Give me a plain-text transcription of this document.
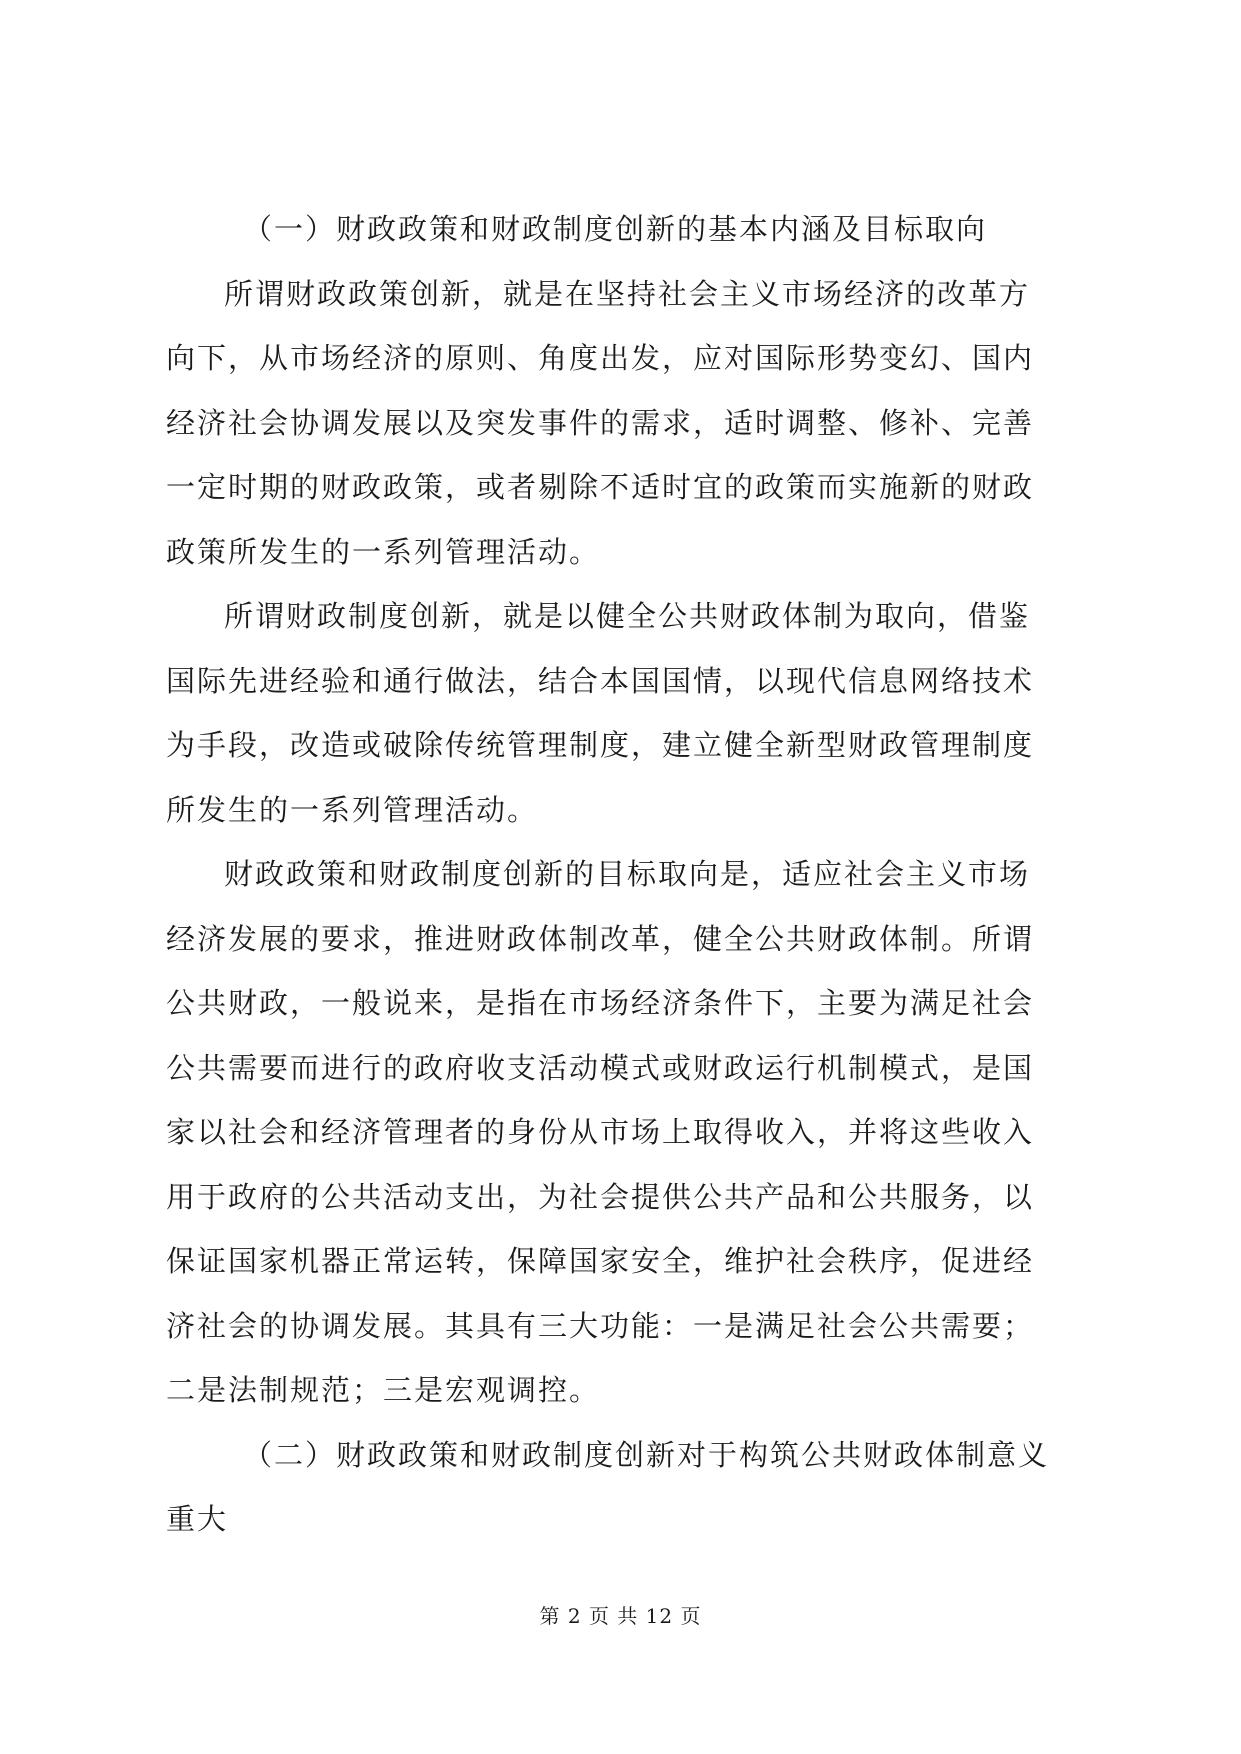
（一）财政政策和财政制度创新的基本内涵及目标取向

所谓财政政策创新，就是在坚持社会主义市场经济的改革方

向下，从市场经济的原则、角度出发，应对国际形势变幻、国内

经济社会协调发展以及突发事件的需求，适时调整、修补、完善

一定时期的财政政策，或者剔除不适时宜的政策而实施新的财政

政策所发生的一系列管理活动。

所谓财政制度创新，就是以健全公共财政体制为取向，借鉴

国际先进经验和通行做法，结合本国国情，以现代信息网络技术

为手段，改造或破除传统管理制度，建立健全新型财政管理制度

所发生的一系列管理活动。

财政政策和财政制度创新的目标取向是，适应社会主义市场

经济发展的要求，推进财政体制改革，健全公共财政体制。所谓

公共财政，一般说来，是指在市场经济条件下，主要为满足社会

公共需要而进行的政府收支活动模式或财政运行机制模式，是国

家以社会和经济管理者的身份从市场上取得收入，并将这些收入

用于政府的公共活动支出，为社会提供公共产品和公共服务，以

保证国家机器正常运转，保障国家安全，维护社会秩序，促进经

济社会的协调发展。其具有三大功能：一是满足社会公共需要；

二是法制规范；三是宏观调控。

（二）财政政策和财政制度创新对于构筑公共财政体制意义

重大

第 2 页 共 12 页
